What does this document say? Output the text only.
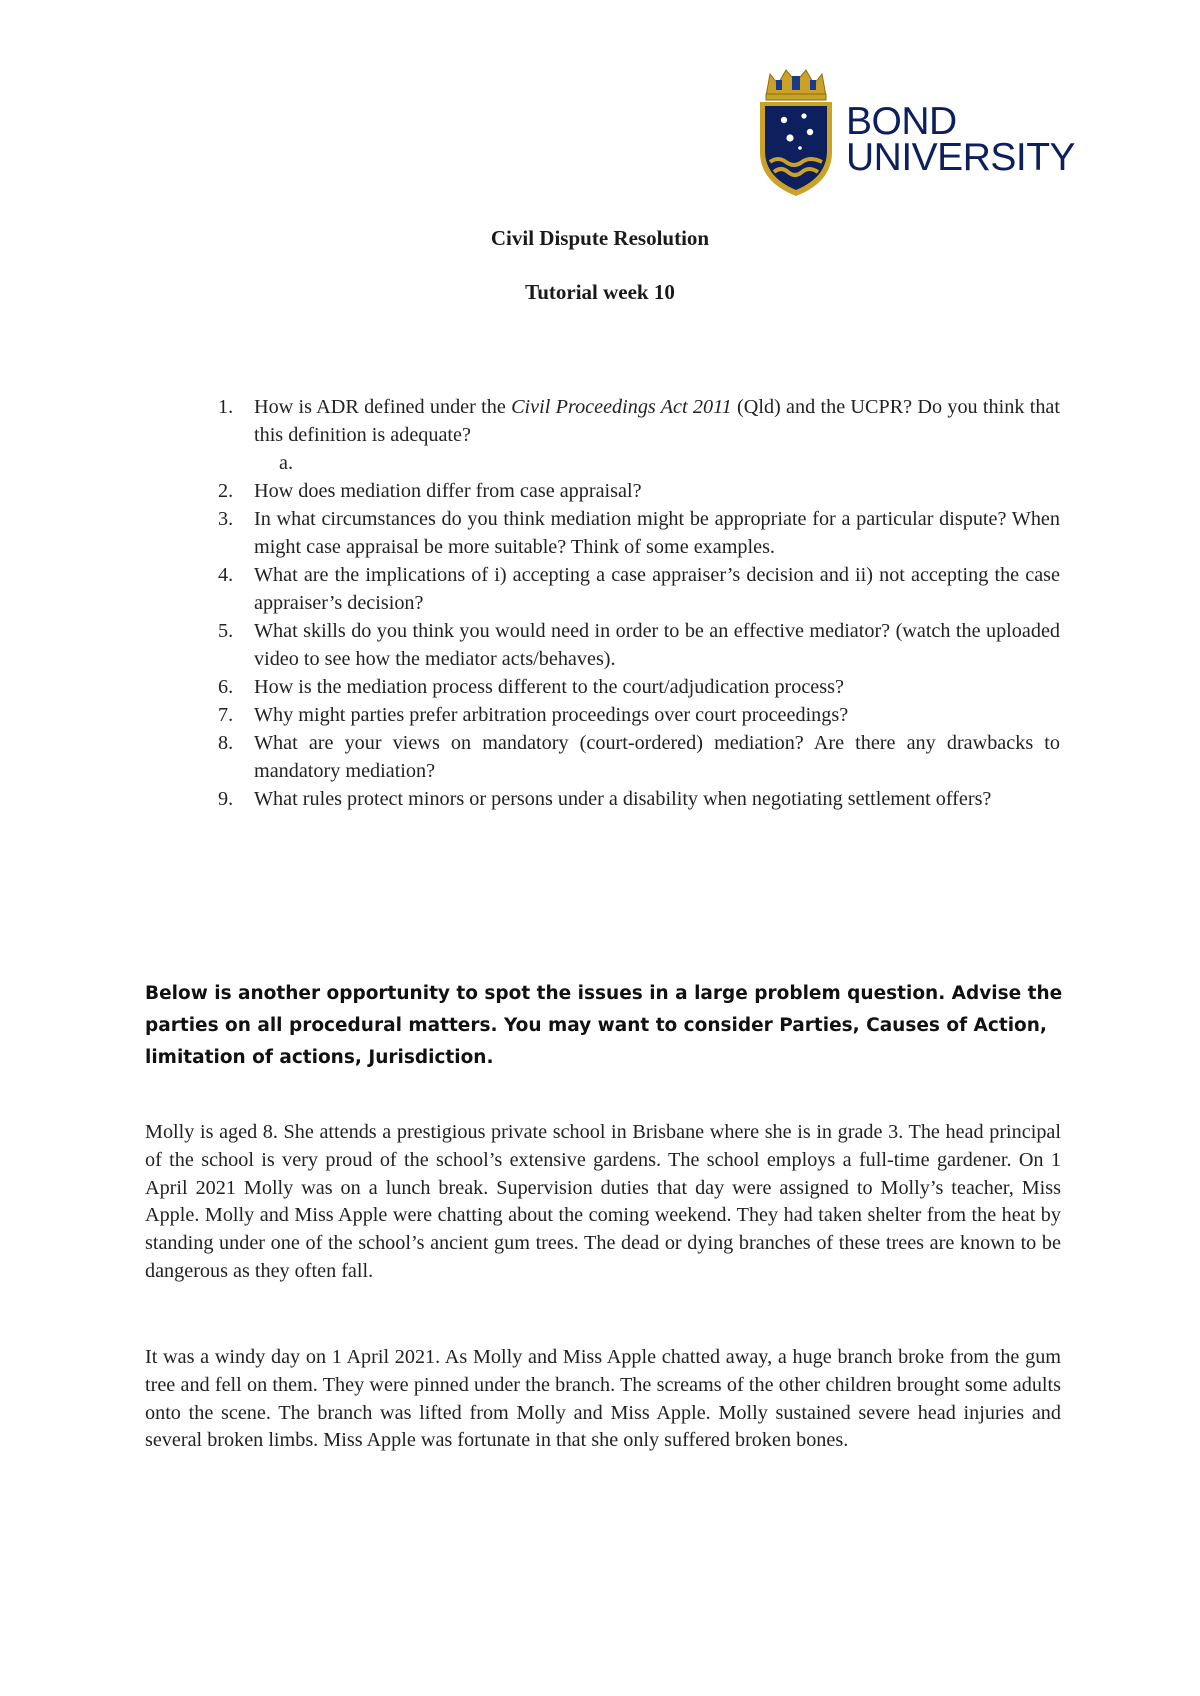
BOND
UNIVERSITY
Civil Dispute Resolution
Tutorial week 10
1. How is ADR defined under the Civil Proceedings Act 2011 (Qld) and the UCPR? Do you think that this definition is adequate?
a.
2. How does mediation differ from case appraisal?
3. In what circumstances do you think mediation might be appropriate for a particular dispute? When might case appraisal be more suitable? Think of some examples.
4. What are the implications of i) accepting a case appraiser’s decision and ii) not accepting the case appraiser’s decision?
5. What skills do you think you would need in order to be an effective mediator? (watch the uploaded video to see how the mediator acts/behaves).
6. How is the mediation process different to the court/adjudication process?
7. Why might parties prefer arbitration proceedings over court proceedings?
8. What are your views on mandatory (court-ordered) mediation? Are there any drawbacks to mandatory mediation?
9. What rules protect minors or persons under a disability when negotiating settlement offers?
Below is another opportunity to spot the issues in a large problem question. Advise the parties on all procedural matters. You may want to consider Parties, Causes of Action, limitation of actions, Jurisdiction.

Molly is aged 8. She attends a prestigious private school in Brisbane where she is in grade 3. The head principal of the school is very proud of the school’s extensive gardens. The school employs a full-time gardener. On 1 April 2021 Molly was on a lunch break. Supervision duties that day were assigned to Molly’s teacher, Miss Apple. Molly and Miss Apple were chatting about the coming weekend. They had taken shelter from the heat by standing under one of the school’s ancient gum trees. The dead or dying branches of these trees are known to be dangerous as they often fall.

It was a windy day on 1 April 2021. As Molly and Miss Apple chatted away, a huge branch broke from the gum tree and fell on them. They were pinned under the branch. The screams of the other children brought some adults onto the scene. The branch was lifted from Molly and Miss Apple. Molly sustained severe head injuries and several broken limbs. Miss Apple was fortunate in that she only suffered broken bones.
